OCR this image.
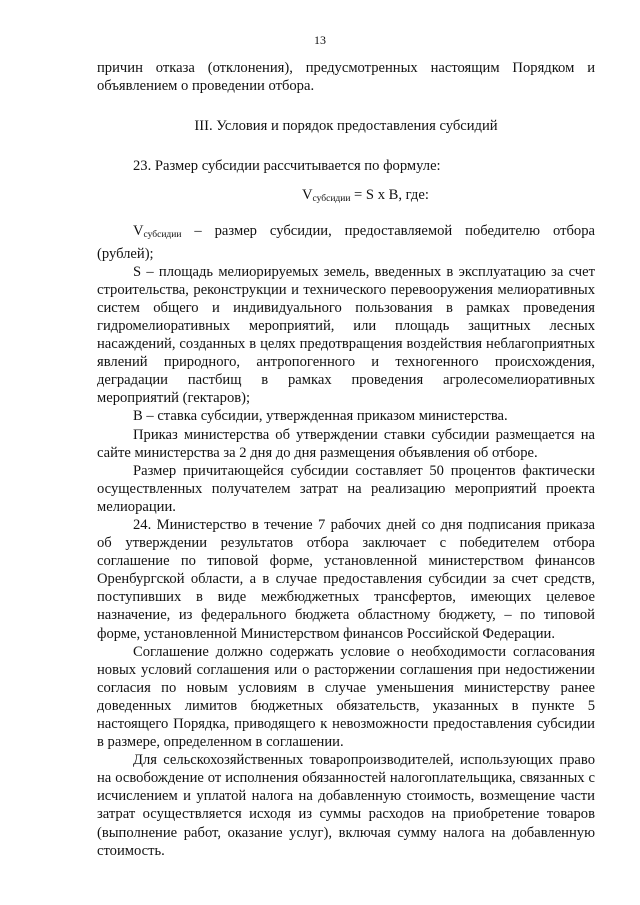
13

причин отказа (отклонения), предусмотренных настоящим Порядком и объявлением о проведении отбора.

III. Условия и порядок предоставления субсидий

23. Размер субсидии рассчитывается по формуле:

$V_{субсидии} = S$ x B, где:

$V_{субсидии}$ – размер субсидии, предоставляемой победителю отбора (рублей);

S – площадь мелиорируемых земель, введенных в эксплуатацию за счет строительства, реконструкции и технического перевооружения мелиоративных систем общего и индивидуального пользования в рамках проведения гидромелиоративных мероприятий, или площадь защитных лесных насаждений, созданных в целях предотвращения воздействия неблагоприятных явлений природного, антропогенного и техногенного происхождения, деградации пастбищ в рамках проведения агролесомелиоративных мероприятий (гектаров);

B – ставка субсидии, утвержденная приказом министерства.

Приказ министерства об утверждении ставки субсидии размещается на сайте министерства за 2 дня до дня размещения объявления об отборе.

Размер причитающейся субсидии составляет 50 процентов фактически осуществленных получателем затрат на реализацию мероприятий проекта мелиорации.

24. Министерство в течение 7 рабочих дней со дня подписания приказа об утверждении результатов отбора заключает с победителем отбора соглашение по типовой форме, установленной министерством финансов Оренбургской области, а в случае предоставления субсидии за счет средств, поступивших в виде межбюджетных трансфертов, имеющих целевое назначение, из федерального бюджета областному бюджету, – по типовой форме, установленной Министерством финансов Российской Федерации.

Соглашение должно содержать условие о необходимости согласования новых условий соглашения или о расторжении соглашения при недостижении согласия по новым условиям в случае уменьшения министерству ранее доведенных лимитов бюджетных обязательств, указанных в пункте 5 настоящего Порядка, приводящего к невозможности предоставления субсидии в размере, определенном в соглашении.

Для сельскохозяйственных товаропроизводителей, использующих право на освобождение от исполнения обязанностей налогоплательщика, связанных с исчислением и уплатой налога на добавленную стоимость, возмещение части затрат осуществляется исходя из суммы расходов на приобретение товаров (выполнение работ, оказание услуг), включая сумму налога на добавленную стоимость.
